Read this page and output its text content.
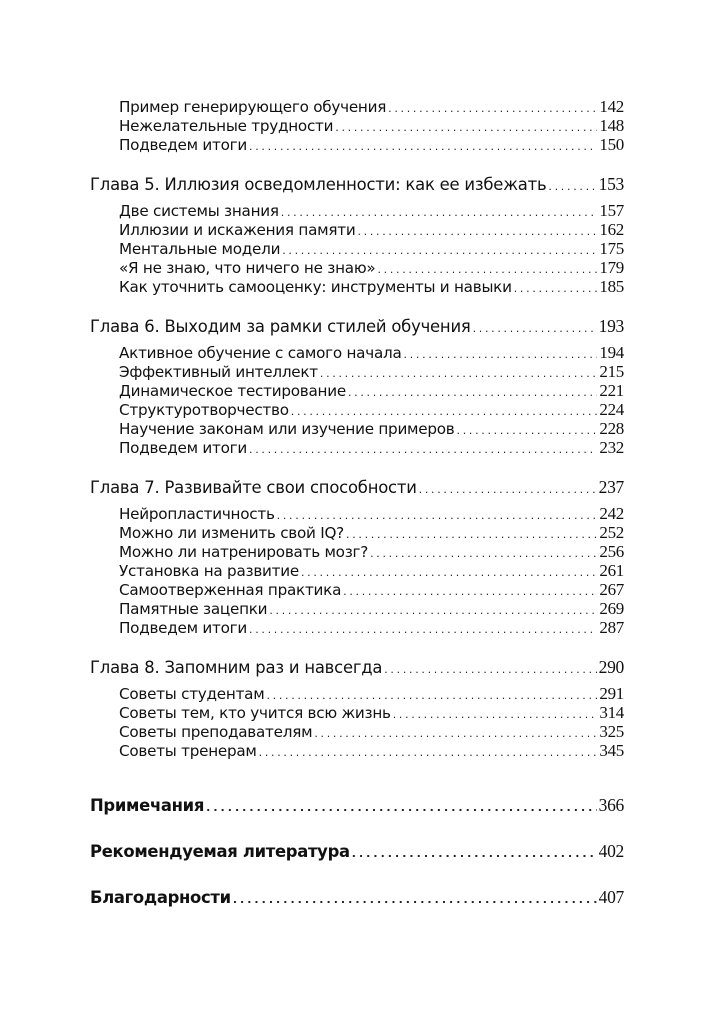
Пример генерирующего обучения . . .	142
Нежелательные трудности . . .	148
Подведем итоги . . .	150
Глава 5. Иллюзия осведомленности: как ее избежать . . .	153
Две системы знания . . .	157
Иллюзии и искажения памяти . . .	162
Ментальные модели . . .	175
«Я не знаю, что ничего не знаю» . . .	179
Как уточнить самооценку: инструменты и навыки . . .	185
Глава 6. Выходим за рамки стилей обучения . . .	193
Активное обучение с самого начала . . .	194
Эффективный интеллект . . .	215
Динамическое тестирование . . .	221
Структуротворчество . . .	224
Научение законам или изучение примеров . . .	228
Подведем итоги . . .	232
Глава 7. Развивайте свои способности . . .	237
Нейропластичность . . .	242
Можно ли изменить свой IQ? . . .	252
Можно ли натренировать мозг? . . .	256
Установка на развитие . . .	261
Самоотверженная практика . . .	267
Памятные зацепки . . .	269
Подведем итоги . . .	287
Глава 8. Запомним раз и навсегда . . .	290
Советы студентам . . .	291
Советы тем, кто учится всю жизнь . . .	314
Советы преподавателям . . .	325
Советы тренерам . . .	345
Примечания . . .	366
Рекомендуемая литература . . .	402
Благодарности . . .	407
